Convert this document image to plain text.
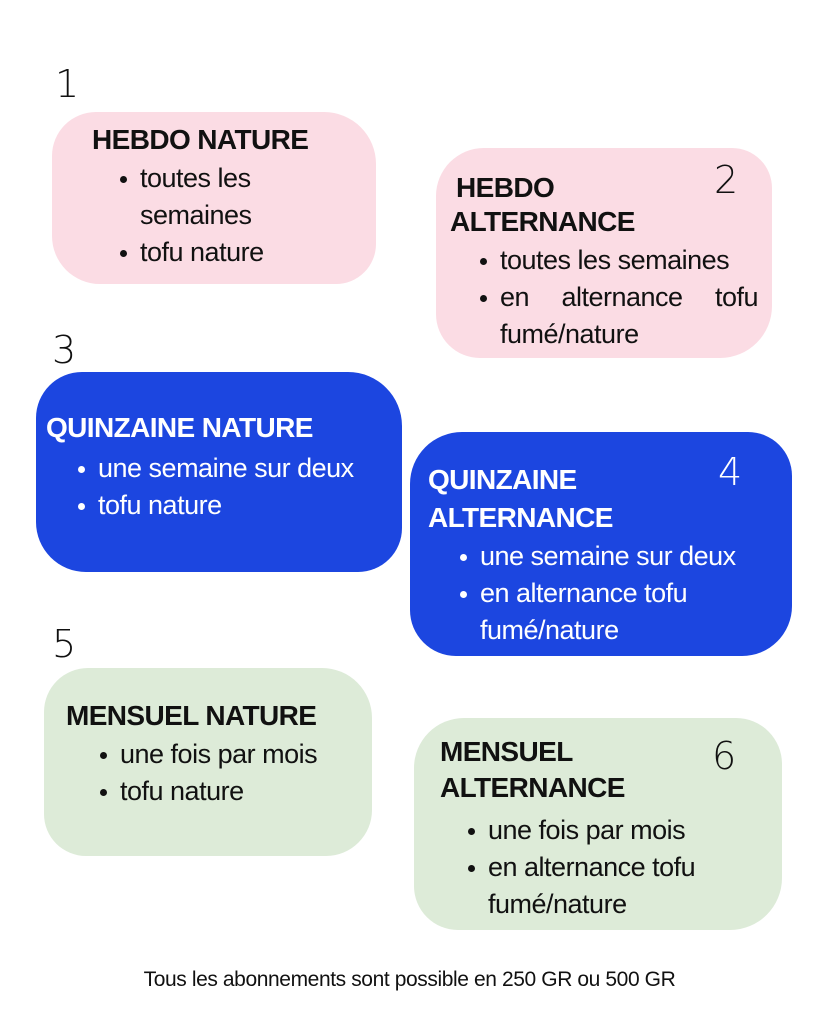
1
HEBDO NATURE
toutes les semaines
tofu nature
HEBDO
ALTERNANCE
2
toutes les semaines
en alternance tofu fumé/nature
3
QUINZAINE NATURE
une semaine sur deux
tofu nature
QUINZAINE
ALTERNANCE
une semaine sur deux
en alternance tofu fumé/nature
4
5
MENSUEL NATURE
une fois par mois
tofu nature
MENSUEL
ALTERNANCE
6
une fois par mois
en alternance tofu fumé/nature
Tous les abonnements sont possible en 250 GR ou 500 GR
